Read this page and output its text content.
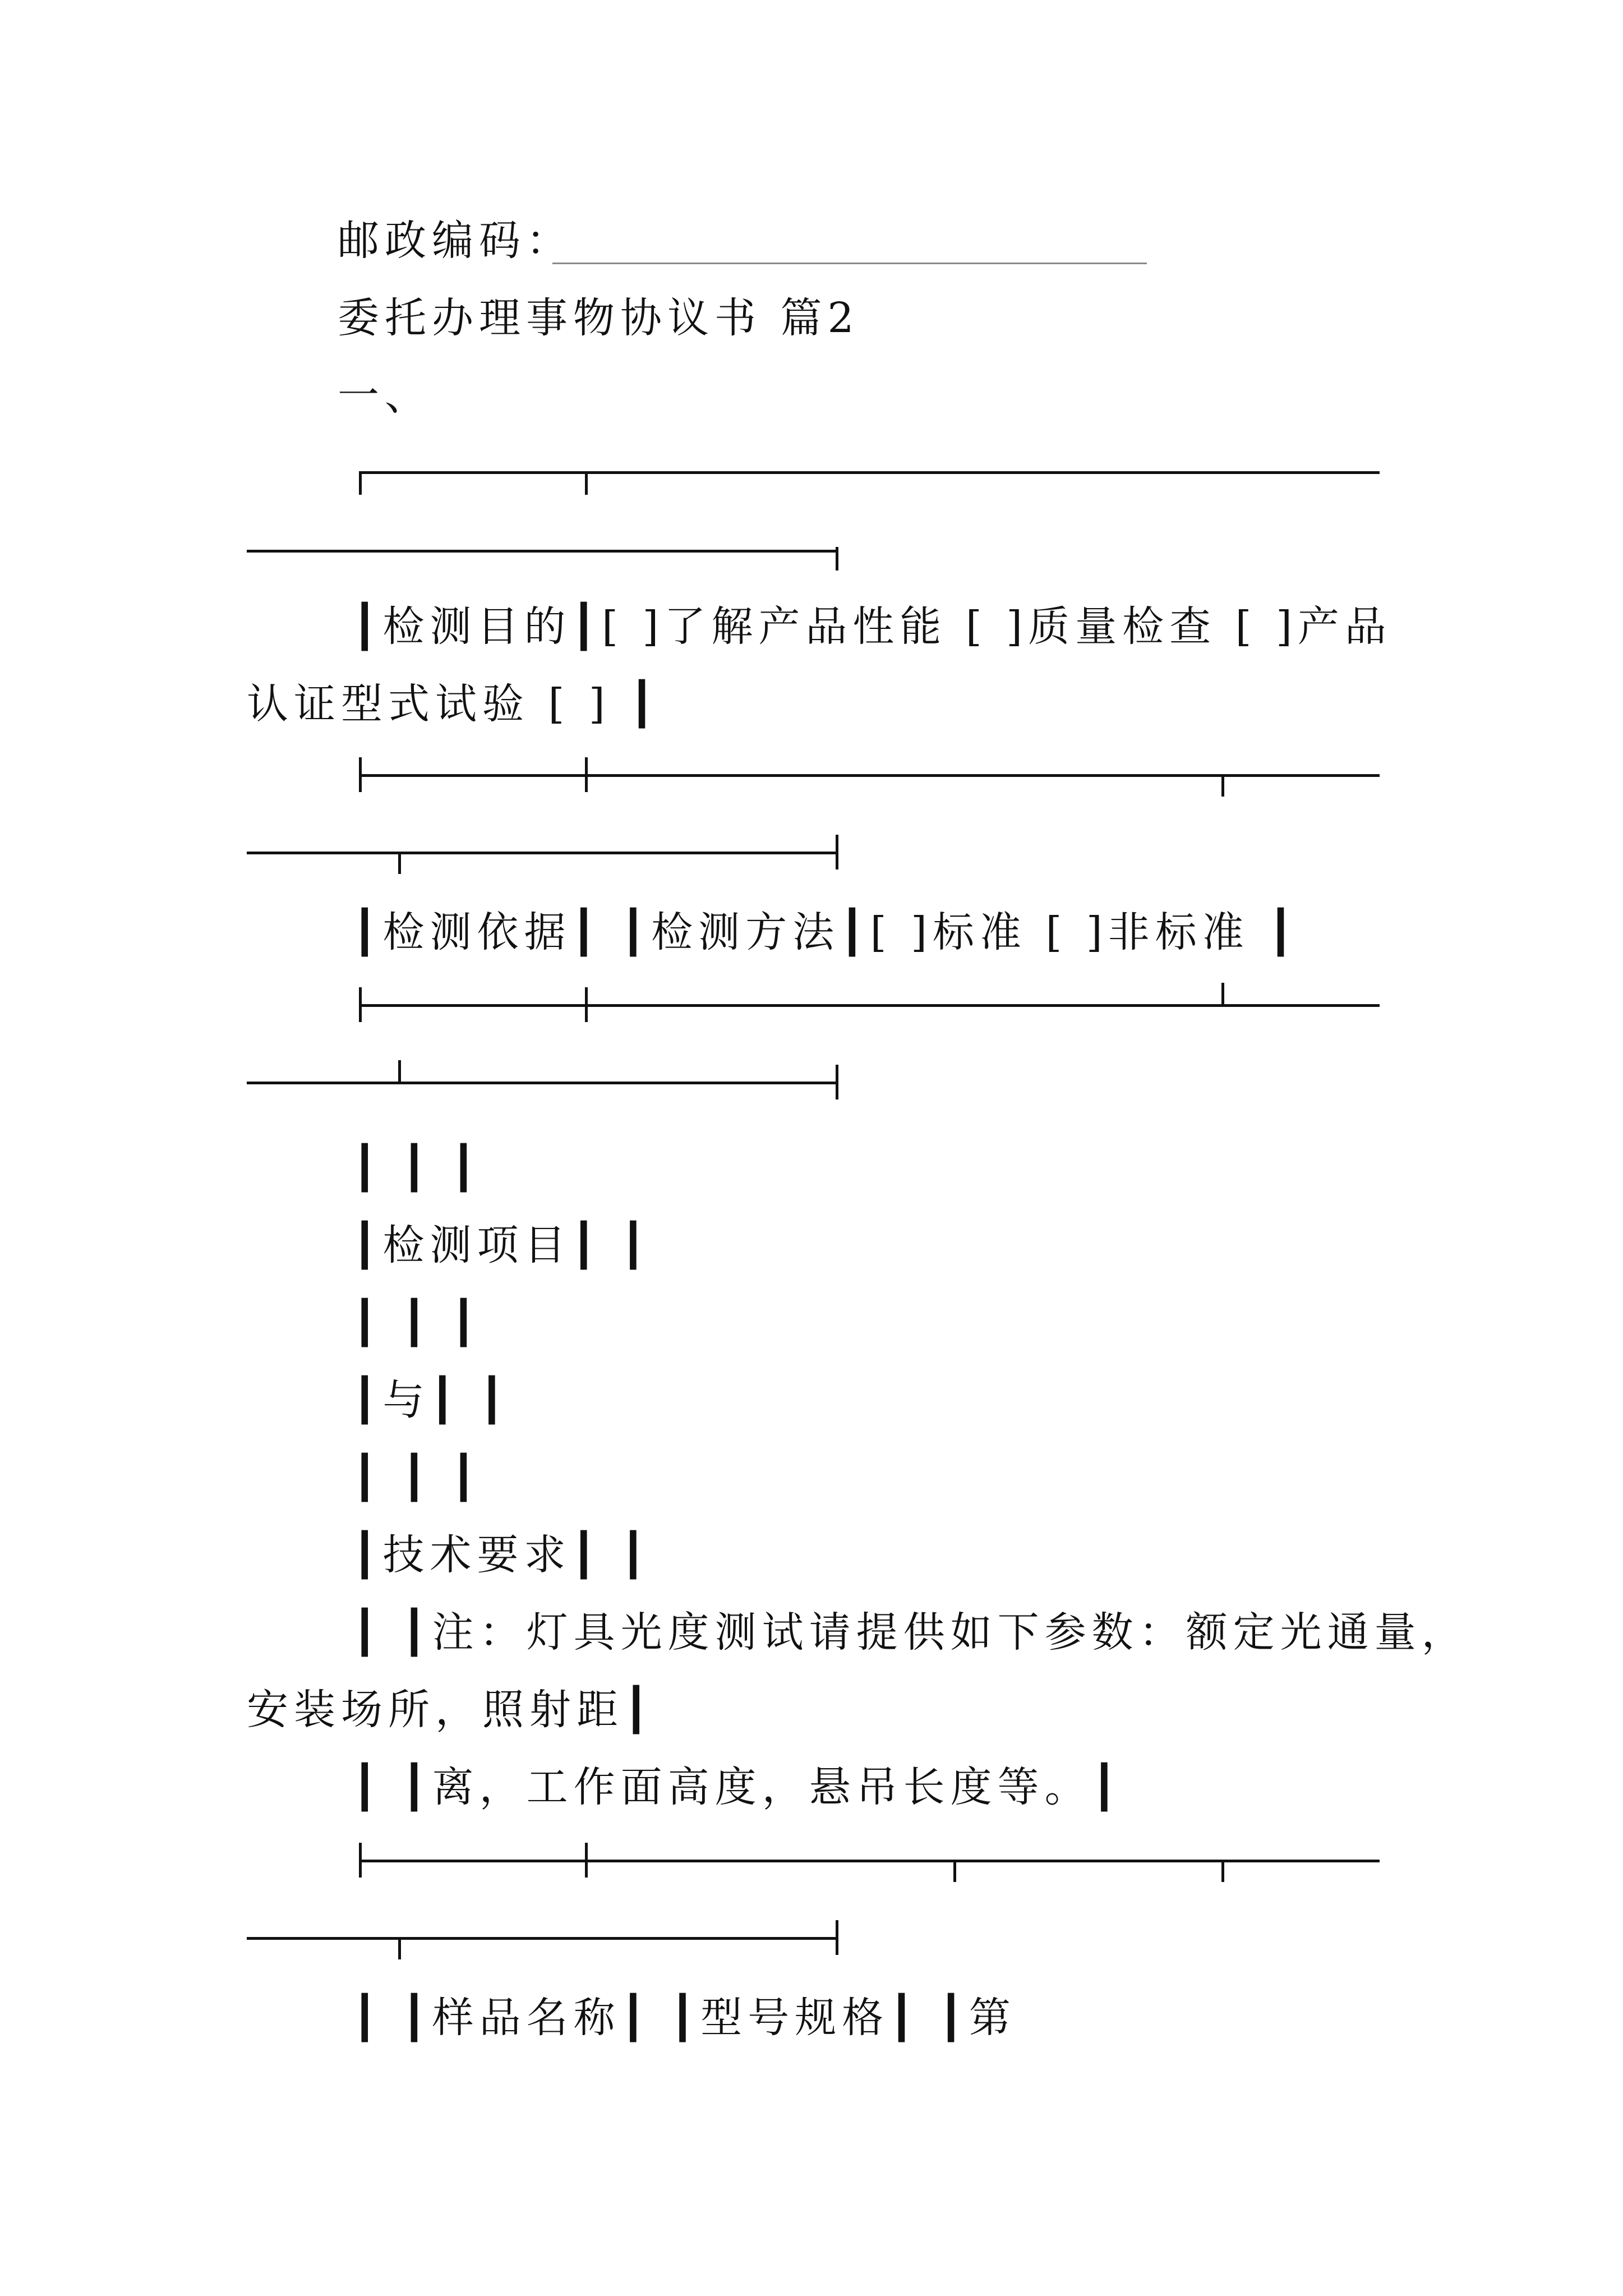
邮政编码：
委托办理事物协议书 篇2
一、
┃检测目的┃[ ]了解产品性能 [ ]质量检查 [ ]产品
认证型式试验 [ ] ┃
┃检测依据┃ ┃检测方法┃[ ]标准 [ ]非标准 ┃
┃ ┃ ┃
┃检测项目┃ ┃
┃ ┃ ┃
┃与┃ ┃
┃ ┃ ┃
┃技术要求┃ ┃
┃ ┃注：灯具光度测试请提供如下参数：额定光通量，
安装场所，照射距┃
┃ ┃离，工作面高度，悬吊长度等。┃
┃ ┃样品名称┃ ┃型号规格┃ ┃第
